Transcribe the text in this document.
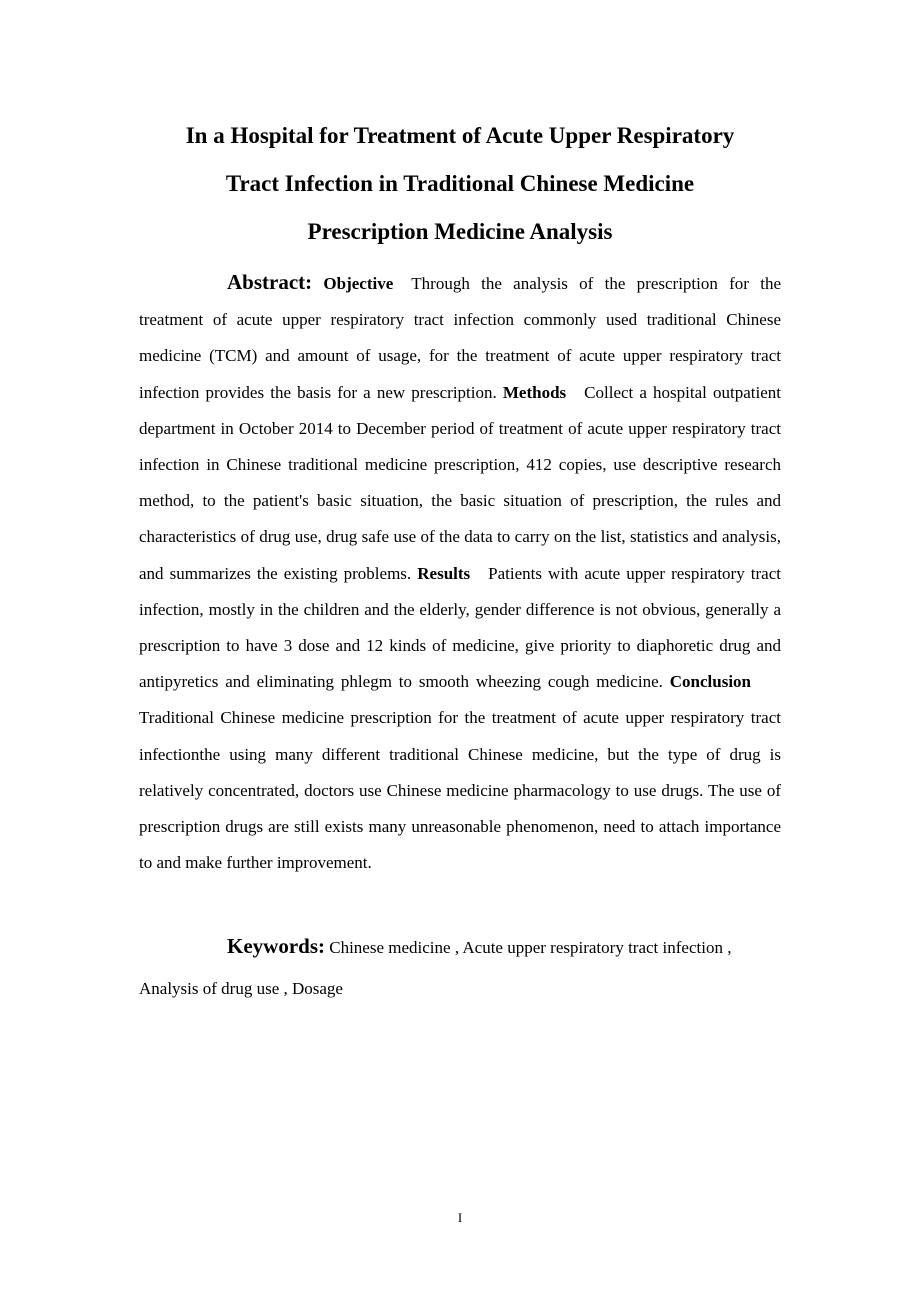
In a Hospital for Treatment of Acute Upper Respiratory
Tract Infection in Traditional Chinese Medicine
Prescription Medicine Analysis

Abstract: Objective Through the analysis of the prescription for the treatment of acute upper respiratory tract infection commonly used traditional Chinese medicine (TCM) and amount of usage, for the treatment of acute upper respiratory tract infection provides the basis for a new prescription. Methods Collect a hospital outpatient department in October 2014 to December period of treatment of acute upper respiratory tract infection in Chinese traditional medicine prescription, 412 copies, use descriptive research method, to the patient's basic situation, the basic situation of prescription, the rules and characteristics of drug use, drug safe use of the data to carry on the list, statistics and analysis, and summarizes the existing problems. Results Patients with acute upper respiratory tract infection, mostly in the children and the elderly, gender difference is not obvious, generally a prescription to have 3 dose and 12 kinds of medicine, give priority to diaphoretic drug and antipyretics and eliminating phlegm to smooth wheezing cough medicine. ConclusionTraditional Chinese medicine prescription for the treatment of acute upper respiratory tract infectionthe using many different traditional Chinese medicine, but the type of drug is relatively concentrated, doctors use Chinese medicine pharmacology to use drugs. The use of prescription drugs are still exists many unreasonable phenomenon, need to attach importance to and make further improvement.

Keywords: Chinese medicine , Acute upper respiratory tract infection , Analysis of drug use , Dosage

I
